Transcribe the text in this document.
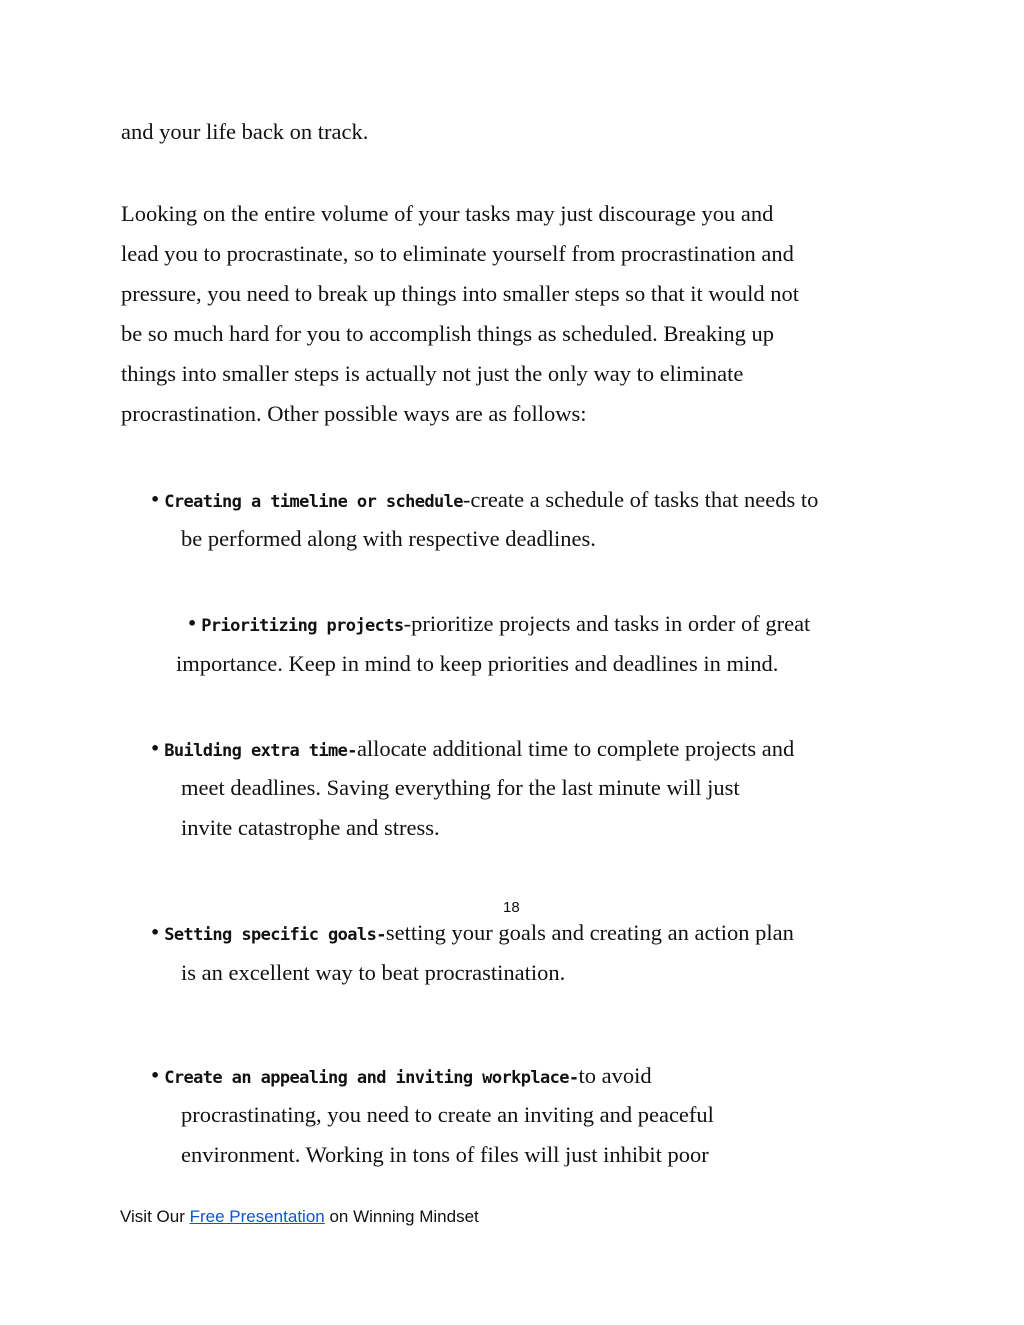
and your life back on track.

Looking on the entire volume of your tasks may just discourage you and

lead you to procrastinate, so to eliminate yourself from procrastination and

pressure, you need to break up things into smaller steps so that it would not

be so much hard for you to accomplish things as scheduled. Breaking up

things into smaller steps is actually not just the only way to eliminate

procrastination. Other possible ways are as follows:

• Creating a timeline or schedule-create a schedule of tasks that needs to

be performed along with respective deadlines.

• Prioritizing projects-prioritize projects and tasks in order of great

importance. Keep in mind to keep priorities and deadlines in mind.

• Building extra time-allocate additional time to complete projects and

meet deadlines. Saving everything for the last minute will just

invite catastrophe and stress.

18

• Setting specific goals-setting your goals and creating an action plan

is an excellent way to beat procrastination.

• Create an appealing and inviting workplace-to avoid

procrastinating, you need to create an inviting and peaceful

environment. Working in tons of files will just inhibit poor

Visit Our Free Presentation on Winning Mindset
